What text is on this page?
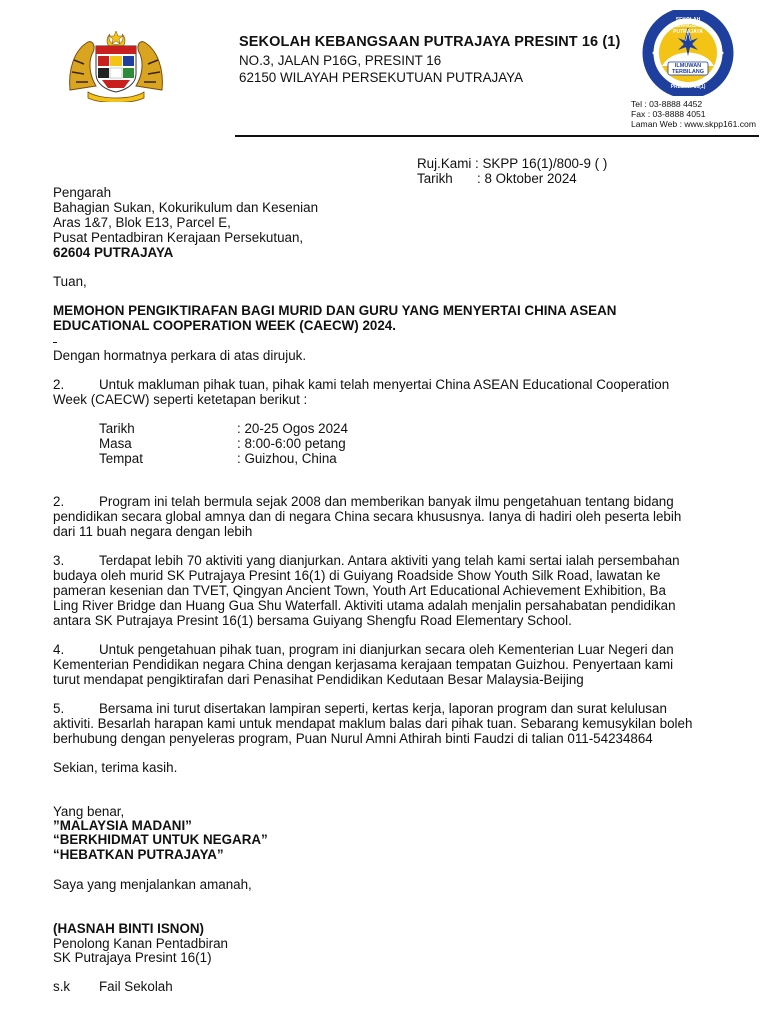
SEKOLAH KEBANGSAAN PUTRAJAYA
ILMUWAN TERBILANG
PRESINT 16(1)
SEKOLAH KEBANGSAAN PUTRAJAYA PRESINT 16 (1)
NO.3, JALAN P16G, PRESINT 16
62150 WILAYAH PERSEKUTUAN PUTRAJAYA
Tel : 03-8888 4452
Fax : 03-8888 4051
Laman Web : www.skpp161.com
Ruj.Kami : SKPP 16(1)/800-9 ( )
Tarikh : 8 Oktober 2024
Pengarah
Bahagian Sukan, Kokurikulum dan Kesenian
Aras 1&7, Blok E13, Parcel E,
Pusat Pentadbiran Kerajaan Persekutuan,
62604 PUTRAJAYA
Tuan,
MEMOHON PENGIKTIRAFAN BAGI MURID DAN GURU YANG MENYERTAI CHINA ASEAN
EDUCATIONAL COOPERATION WEEK (CAECW) 2024.
Dengan hormatnya perkara di atas dirujuk.
2.	Untuk makluman pihak tuan, pihak kami telah menyertai China ASEAN Educational Cooperation
Week (CAECW) seperti ketetapan berikut :
Tarikh	: 20-25 Ogos 2024
Masa	: 8:00-6:00 petang
Tempat	: Guizhou, China
2.	Program ini telah bermula sejak 2008 dan memberikan banyak ilmu pengetahuan tentang bidang
pendidikan secara global amnya dan di negara China secara khususnya. Ianya di hadiri oleh peserta lebih
dari 11 buah negara dengan lebih
3.	Terdapat lebih 70 aktiviti yang dianjurkan. Antara aktiviti yang telah kami sertai ialah persembahan
budaya oleh murid SK Putrajaya Presint 16(1) di Guiyang Roadside Show Youth Silk Road, lawatan ke
pameran kesenian dan TVET, Qingyan Ancient Town, Youth Art Educational Achievement Exhibition, Ba
Ling River Bridge dan Huang Gua Shu Waterfall. Aktiviti utama adalah menjalin persahabatan pendidikan
antara SK Putrajaya Presint 16(1) bersama Guiyang Shengfu Road Elementary School.
4.	Untuk pengetahuan pihak tuan, program ini dianjurkan secara oleh Kementerian Luar Negeri dan
Kementerian Pendidikan negara China dengan kerjasama kerajaan tempatan Guizhou. Penyertaan kami
turut mendapat pengiktirafan dari Penasihat Pendidikan Kedutaan Besar Malaysia-Beijing
5.	Bersama ini turut disertakan lampiran seperti, kertas kerja, laporan program dan surat kelulusan
aktiviti. Besarlah harapan kami untuk mendapat maklum balas dari pihak tuan. Sebarang kemusykilan boleh
berhubung dengan penyeleras program, Puan Nurul Amni Athirah binti Faudzi di talian 011-54234864
Sekian, terima kasih.
Yang benar,
”MALAYSIA MADANI”
“BERKHIDMAT UNTUK NEGARA”
“HEBATKAN PUTRAJAYA”
Saya yang menjalankan amanah,
(HASNAH BINTI ISNON)
Penolong Kanan Pentadbiran
SK Putrajaya Presint 16(1)
s.k Fail Sekolah
